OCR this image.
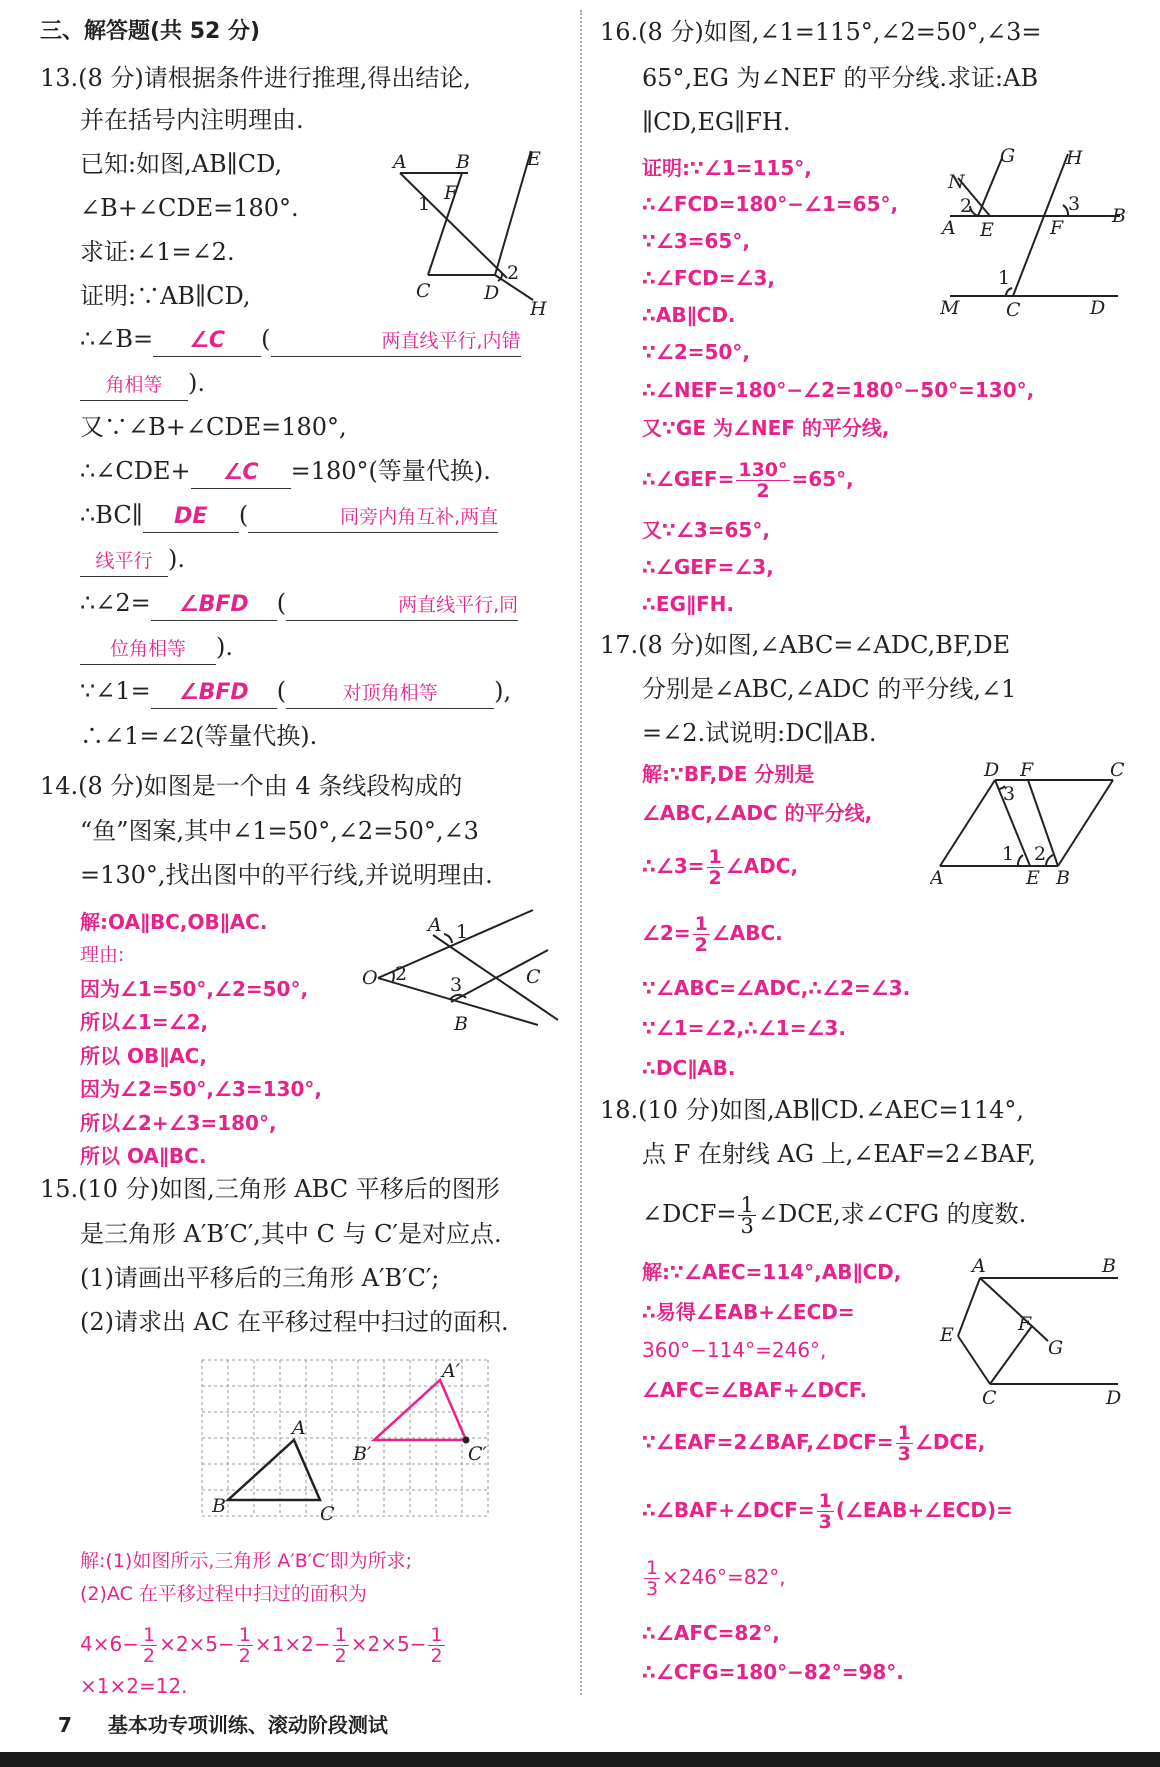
三、解答题(共 52 分)
13.(8 分)请根据条件进行推理,得出结论,
并在括号内注明理由.
已知:如图,AB∥CD,
∠B+∠CDE=180°.
求证:∠1=∠2.
证明:∵AB∥CD,
∴∠B= ∠C (	两直线平行,内错
角相等 ).
又∵∠B+∠CDE=180°,
∴∠CDE+ ∠C =180°(等量代换).
∴BC∥ DE (	同旁内角互补,两直
线平行 ).
∴∠2= ∠BFD (	两直线平行,同
位角相等 ).
∵∠1= ∠BFD (	对顶角相等 ),
∴∠1=∠2(等量代换).
A	B	E
F
1
C	D
2
H
14.(8 分)如图是一个由 4 条线段构成的
“鱼”图案,其中∠1=50°,∠2=50°,∠3
=130°,找出图中的平行线,并说明理由.
解:OA∥BC,OB∥AC.
理由:
因为∠1=50°,∠2=50°,
所以∠1=∠2,
所以 OB∥AC,
因为∠2=50°,∠3=130°,
所以∠2+∠3=180°,
所以 OA∥BC.
O
A
B
C
1
2 3
15.(10 分)如图,三角形 ABC 平移后的图形
是三角形 A′B′C′,其中 C 与 C′是对应点.
(1)请画出平移后的三角形 A′B′C′;
(2)请求出 AC 在平移过程中扫过的面积.
A
B	C
A′
B′	C′
解:(1)如图所示,三角形 A′B′C′即为所求;
(2)AC 在平移过程中扫过的面积为
$4\times 6- \frac{1}{2} \times 2\times 5- \frac{1}{2} \times 1\times 2- \frac{1}{2} \times 2\times 5- \frac{1}{2}$
×1×2=12.
16.(8 分)如图,∠1=115°,∠2=50°,∠3=
65°,EG 为∠NEF 的平分线.求证:AB
∥CD,EG∥FH.
证明:∵∠1=115°,
∴∠FCD=180°−∠1=65°,
∵∠3=65°,
∴∠FCD=∠3,
∴AB∥CD.
∵∠2=50°,
∴∠NEF=180°−∠2=180°−50°=130°,
又∵GE 为∠NEF 的平分线,
∴∠GEF= $\frac{130^\circ}{2} =65^\circ$,
又∵∠3=65°,
∴∠GEF=∠3,
∴EG∥FH.
N
G	H
A E	F
B
M C	D
2	3
1
17.(8 分)如图,∠ABC=∠ADC,BF,DE
分别是∠ABC,∠ADC 的平分线,∠1
=∠2.试说明:DC∥AB.
解:∵BF,DE 分别是
∠ABC,∠ADC 的平分线,
∴∠3= $\frac{1}{2}$ ∠ADC,
∠2= $\frac{1}{2}$ ∠ABC.
∵∠ABC=∠ADC,∴∠2=∠3.
∵∠1=∠2,∴∠1=∠3.
∴DC∥AB.
D F	C
A	E B
3
1 2
18.(10 分)如图,AB∥CD.∠AEC=114°,
点 F 在射线 AG 上,∠EAF=2∠BAF,
∠DCF= $\frac{1}{3}$ ∠DCE,求∠CFG 的度数.
解:∵∠AEC=114°,AB∥CD,
∴易得∠EAB+∠ECD=
360°−114°=246°,
∠AFC=∠BAF+∠DCF.
∵∠EAF=2∠BAF,∠DCF= $\frac{1}{3}$ ∠DCE,
∴∠BAF+∠DCF= $\frac{1}{3}$ (∠EAB+∠ECD)=
$\frac{1}{3} \times 246^\circ=82^\circ$,
∴∠AFC=82°,
∴∠CFG=180°−82°=98°.
A	B
E	F
G
C	D
7 基本功专项训练、滚动阶段测试
